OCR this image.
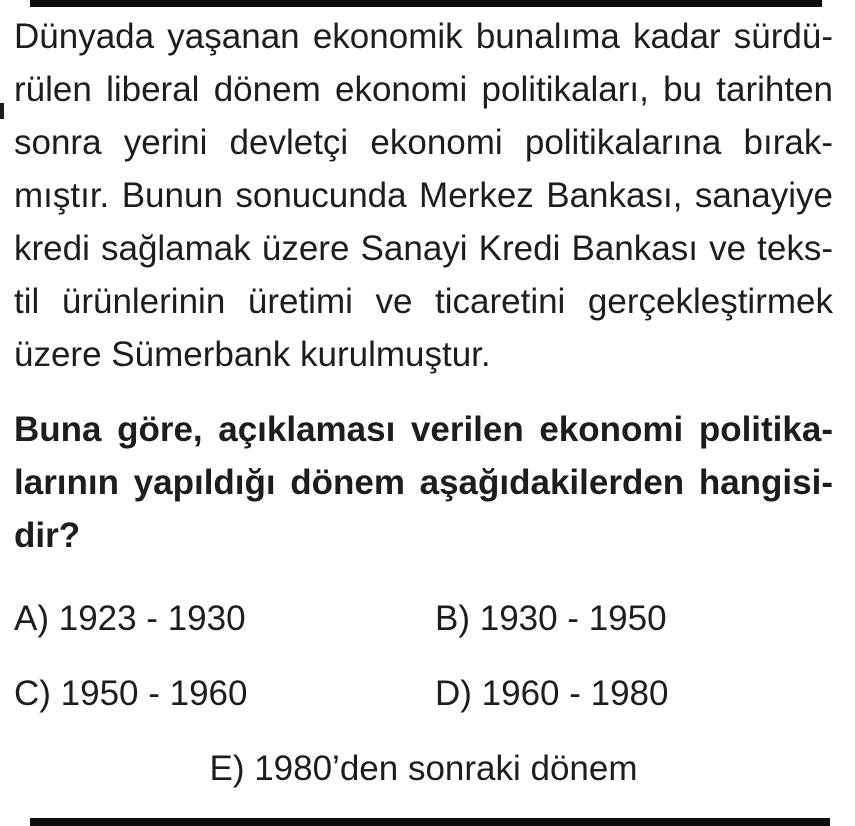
Dünyada yaşanan ekonomik bunalıma kadar sürdü-
rülen liberal dönem ekonomi politikaları, bu tarihten
sonra yerini devletçi ekonomi politikalarına bırak-
mıştır. Bunun sonucunda Merkez Bankası, sanayiye
kredi sağlamak üzere Sanayi Kredi Bankası ve teks-
til ürünlerinin üretimi ve ticaretini gerçekleştirmek
üzere Sümerbank kurulmuştur.
Buna göre, açıklaması verilen ekonomi politika-
larının yapıldığı dönem aşağıdakilerden hangisi-
dir?
A) 1923 - 1930	B) 1930 - 1950
C) 1950 - 1960	D) 1960 - 1980
E) 1980’den sonraki dönem
